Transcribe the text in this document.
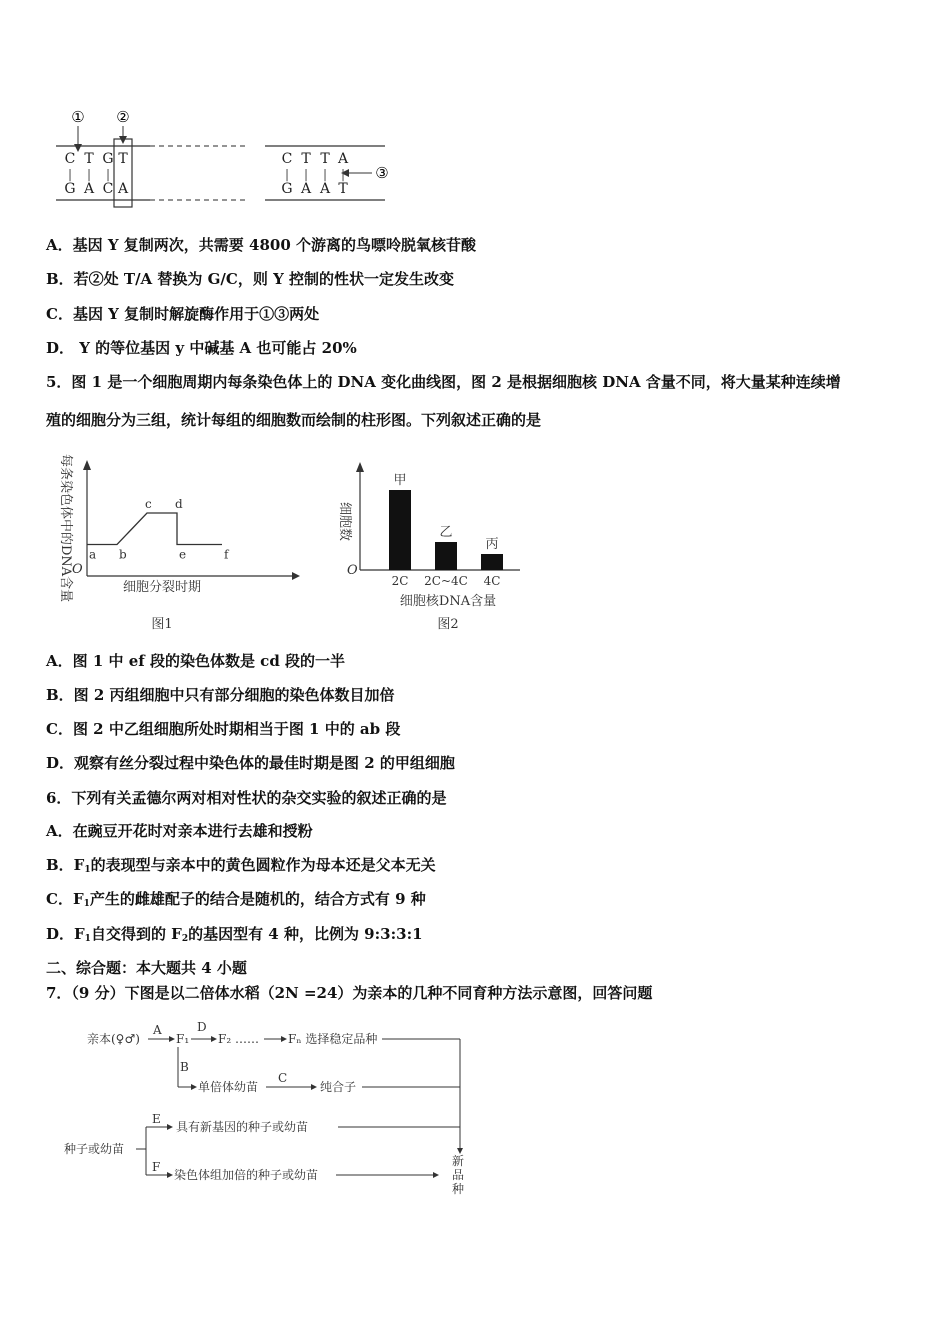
① ②
③
C T G T
G A C A
C T T A
G A A T
| | |	| | | |
A．基因 Y 复制两次，共需要 4800 个游离的鸟嘌呤脱氧核苷酸
B．若②处 T/A 替换为 G/C，则 Y 控制的性状一定发生改变
C．基因 Y 复制时解旋酶作用于①③两处
D． Y 的等位基因 y 中碱基 A 也可能占 20%
5．图 1 是一个细胞周期内每条染色体上的 DNA 变化曲线图，图 2 是根据细胞核 DNA 含量不同，将大量某种连续增
殖的细胞分为三组，统计每组的细胞数而绘制的柱形图。下列叙述正确的是
每条染色体中的DNA含量 O
细胞分裂时期
图1
a b
c d
e	f
细胞数
O
细胞核DNA含量
图2
甲
2C
乙
2C~4C
丙
4C
A．图 1 中 ef 段的染色体数是 cd 段的一半
B．图 2 丙组细胞中只有部分细胞的染色体数目加倍
C．图 2 中乙组细胞所处时期相当于图 1 中的 ab 段
D．观察有丝分裂过程中染色体的最佳时期是图 2 的甲组细胞
6．下列有关孟德尔两对相对性状的杂交实验的叙述正确的是
A．在豌豆开花时对亲本进行去雄和授粉
B．$F_1$的表现型与亲本中的黄色圆粒作为母本还是父本无关
C．$F_1$产生的雌雄配子的结合是随机的，结合方式有 9 种
D．$F_1$自交得到的 $F_2$的基因型有 4 种，比例为 9:3:3:1
二、综合题：本大题共 4 小题
7．（9 分）下图是以二倍体水稻（2N =24）为亲本的几种不同育种方法示意图，回答问题
亲本(♀♂)
A
F₁
D
F₂ …… Fₙ 选择稳定品种
B
单倍体幼苗
C
纯合子
种子或幼苗
E
具有新基因的种子或幼苗
F
染色体组加倍的种子或幼苗
新
品
种
